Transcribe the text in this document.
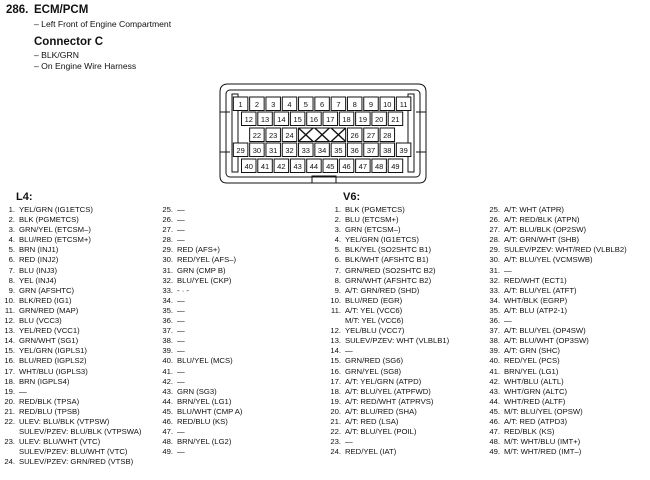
286. ECM/PCM
– Left Front of Engine Compartment
Connector C
– BLK/GRN
– On Engine Wire Harness
1 2 3 4 5 6 7 8 9 10 11
12 13 14 15 16 17 18 19 20 21
22 23 24	26 27 28
29 30 31 32 33 34 35 36 37 38 39
40 41 42 43 44 45 46 47 48 49
L4:
1. YEL/GRN (IG1ETCS)
2. BLK (PGMETCS)
3. GRN/YEL (ETCSM–)
4. BLU/RED (ETCSM+)
5. BRN (INJ1)
6. RED (INJ2)
7. BLU (INJ3)
8. YEL (INJ4)
9. GRN (AFSHTC)
10. BLK/RED (IG1)
11. GRN/RED (MAP)
12. BLU (VCC3)
13. YEL/RED (VCC1)
14. GRN/WHT (SG1)
15. YEL/GRN (IGPLS1)
16. BLU/RED (IGPLS2)
17. WHT/BLU (IGPLS3)
18. BRN (IGPLS4)
19. —
20. RED/BLK (TPSA)
21. RED/BLU (TPSB)
22. ULEV: BLU/BLK (VTPSW)
SULEV/PZEV: BLU/BLK (VTPSWA)
23. ULEV: BLU/WHT (VTC)
SULEV/PZEV: BLU/WHT (VTC)
24. SULEV/PZEV: GRN/RED (VTSB)
25. —
26. —
27. —
28. —
29. RED (AFS+)
30. RED/YEL (AFS–)
31. GRN (CMP B)
32. BLU/YEL (CKP)
33. - · -
34. —
35. —
36. —
37. —
38. —
39. —
40. BLU/YEL (MCS)
41. —
42. —
43. GRN (SG3)
44. BRN/YEL (LG1)
45. BLU/WHT (CMP A)
46. RED/BLU (KS)
47. —
48. BRN/YEL (LG2)
49. —
V6:
1. BLK (PGMETCS)
2. BLU (ETCSM+)
3. GRN (ETCSM–)
4. YEL/GRN (IG1ETCS)
5. BLK/YEL (SO2SHTC B1)
6. BLK/WHT (AFSHTC B1)
7. GRN/RED (SO2SHTC B2)
8. GRN/WHT (AFSHTC B2)
9. A/T: GRN/RED (SHD)
10. BLU/RED (EGR)
11. A/T: YEL (VCC6)
M/T: YEL (VCC6)
12. YEL/BLU (VCC7)
13. SULEV/PZEV: WHT (VLBLB1)
14. —
15. GRN/RED (SG6)
16. GRN/YEL (SG8)
17. A/T: YEL/GRN (ATPD)
18. A/T: BLU/YEL (ATPFWD)
19. A/T: RED/WHT (ATPRVS)
20. A/T: BLU/RED (SHA)
21. A/T: RED (LSA)
22. A/T: BLU/YEL (POIL)
23. —
24. RED/YEL (IAT)
25. A/T: WHT (ATPR)
26. A/T: RED/BLK (ATPN)
27. A/T: BLU/BLK (OP2SW)
28. A/T: GRN/WHT (SHB)
29. SULEV/PZEV: WHT/RED (VLBLB2)
30. A/T: BLU/YEL (VCMSWB)
31. —
32. RED/WHT (ECT1)
33. A/T: BLU/YEL (ATFT)
34. WHT/BLK (EGRP)
35. A/T: BLU (ATP2-1)
36. —
37. A/T: BLU/YEL (OP4SW)
38. A/T: BLU/WHT (OP3SW)
39. A/T: GRN (SHC)
40. RED/YEL (PCS)
41. BRN/YEL (LG1)
42. WHT/BLU (ALTL)
43. WHT/GRN (ALTC)
44. WHT/RED (ALTF)
45. M/T: BLU/YEL (OPSW)
46. A/T: RED (ATPD3)
47. RED/BLK (KS)
48. M/T: WHT/BLU (IMT+)
49. M/T: WHT/RED (IMT–)
